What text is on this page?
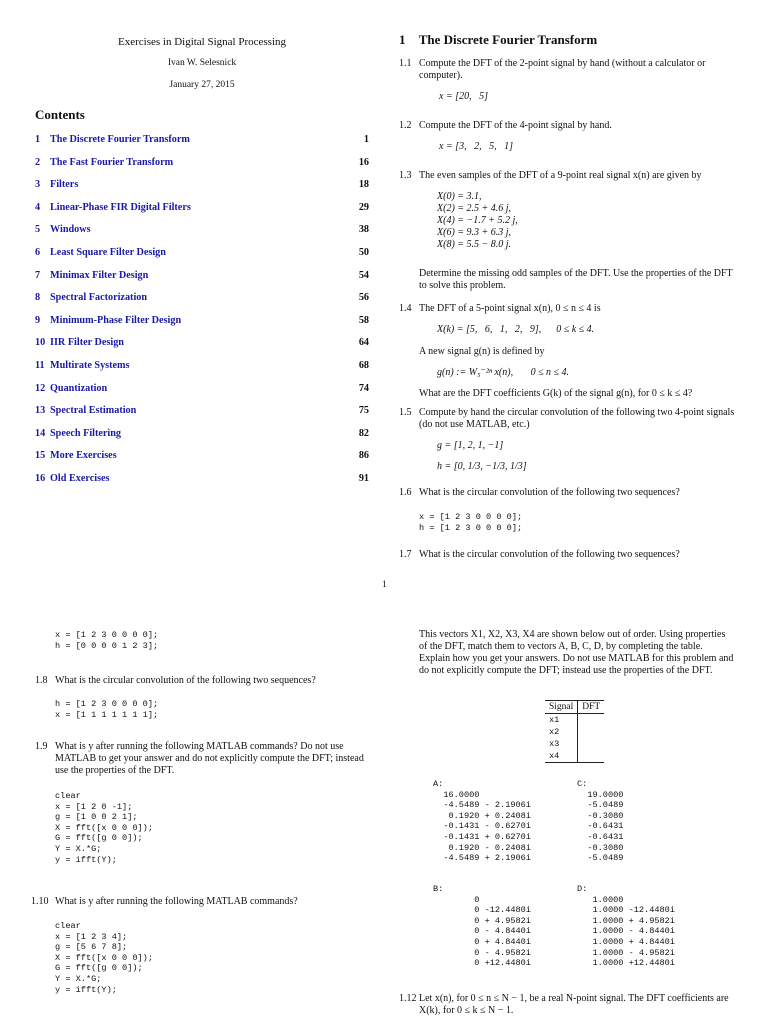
Exercises in Digital Signal Processing
Ivan W. Selesnick
January 27, 2015
Contents
1 The Discrete Fourier Transform	1
2 The Fast Fourier Transform	16
3 Filters	18
4 Linear-Phase FIR Digital Filters	29
5 Windows	38
6 Least Square Filter Design	50
7 Minimax Filter Design	54
8 Spectral Factorization	56
9 Minimum-Phase Filter Design	58
10 IIR Filter Design	64
11 Multirate Systems	68
12 Quantization	74
13 Spectral Estimation	75
14 Speech Filtering	82
15 More Exercises	86
16 Old Exercises	91
1 The Discrete Fourier Transform
1.1 Compute the DFT of the 2-point signal by hand (without a calculator or computer).
x = [20,   5]
1.2 Compute the DFT of the 4-point signal by hand.
x = [3,   2,   5,   1]
1.3 The even samples of the DFT of a 9-point real signal x(n) are given by
X(0) = 3.1,
X(2) = 2.5 + 4.6 j,
X(4) = −1.7 + 5.2 j,
X(6) = 9.3 + 6.3 j,
X(8) = 5.5 − 8.0 j.
Determine the missing odd samples of the DFT. Use the properties of the DFT to solve this problem.
1.4 The DFT of a 5-point signal x(n), 0 ≤ n ≤ 4 is
X(k) = [5,   6,   1,   2,   9],      0 ≤ k ≤ 4.
A new signal g(n) is defined by
g(n) := W₅⁻²ⁿ x(n),       0 ≤ n ≤ 4.
What are the DFT coefficients G(k) of the signal g(n), for 0 ≤ k ≤ 4?
1.5 Compute by hand the circular convolution of the following two 4-point signals (do not use MATLAB, etc.)
g = [1, 2, 1, −1]
h = [0, 1/3, −1/3, 1/3]
1.6 What is the circular convolution of the following two sequences?
x = [1 2 3 0 0 0 0];
h = [1 2 3 0 0 0 0];
1.7 What is the circular convolution of the following two sequences?
1
x = [1 2 3 0 0 0 0];
h = [0 0 0 0 1 2 3];
1.8 What is the circular convolution of the following two sequences?
h = [1 2 3 0 0 0 0];
x = [1 1 1 1 1 1 1];
1.9 What is y after running the following MATLAB commands? Do not use MATLAB to get your answer and do not explicitly compute the DFT; instead use the properties of the DFT.
clear
x = [1 2 0 -1];
g = [1 0 0 2 1];
X = fft([x 0 0 0]);
G = fft([g 0 0]);
Y = X.*G;
y = ifft(Y);
1.10 What is y after running the following MATLAB commands?
clear
x = [1 2 3 4];
g = [5 6 7 8];
X = fft([x 0 0 0]);
G = fft([g 0 0]);
Y = X.*G;
y = ifft(Y);
This vectors X1, X2, X3, X4 are shown below out of order. Using properties of the DFT, match them to vectors A, B, C, D, by completing the table. Explain how you get your answers. Do not use MATLAB for this problem and do not explicitly compute the DFT; instead use the properties of the DFT.
Signal	DFT
x1	
x2	
x3	
x4	
A:
16.0000
-4.5489 - 2.1906i
0.1920 + 0.2408i
-0.1431 - 0.6270i
-0.1431 + 0.6270i
0.1920 - 0.2408i
-4.5489 + 2.1906i
C:
19.0000
-5.0489
-0.3080
-0.6431
-0.6431
-0.3080
-5.0489
B:
0
0 -12.4480i
0 + 4.9582i
0 - 4.8440i
0 + 4.8440i
0 - 4.9582i
0 +12.4480i
D:
1.0000
1.0000 -12.4480i
1.0000 + 4.9582i
1.0000 - 4.8440i
1.0000 + 4.8440i
1.0000 - 4.9582i
1.0000 +12.4480i
1.12 Let x(n), for 0 ≤ n ≤ N − 1, be a real N-point signal. The DFT coefficients are X(k), for 0 ≤ k ≤ N − 1.
